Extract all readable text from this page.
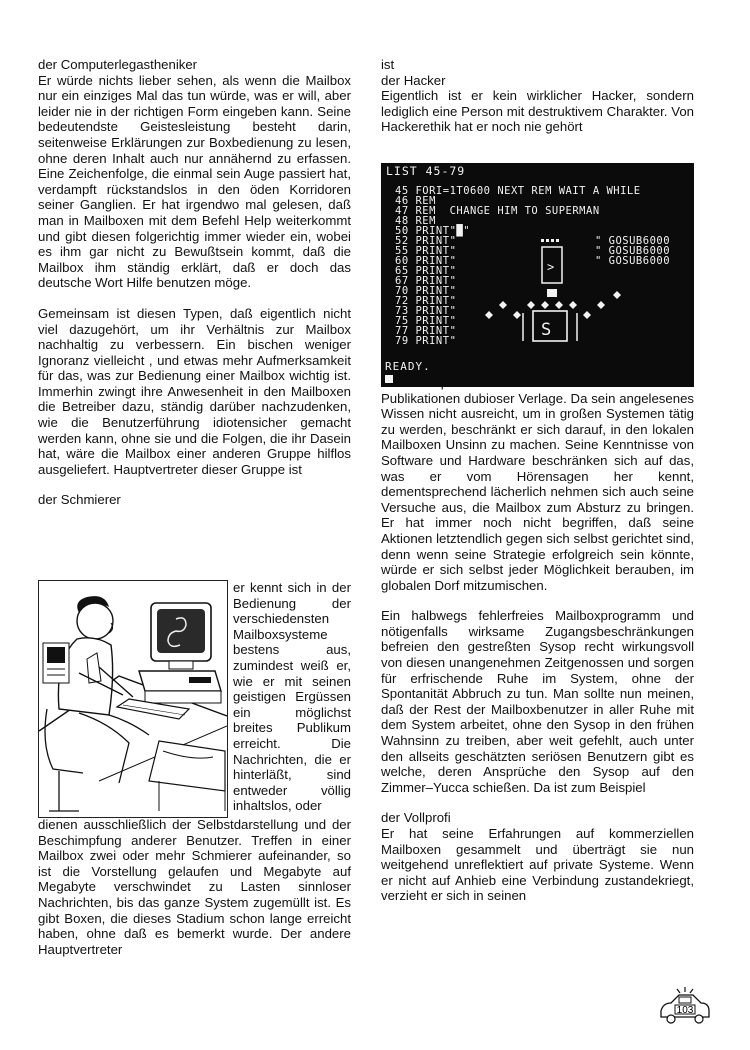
der Computerlegastheniker

Er würde nichts lieber sehen, als wenn die Mailbox nur ein einziges Mal das tun würde, was er will, aber leider nie in der richtigen Form eingeben kann. Seine bedeutendste Geistesleistung besteht darin, seitenweise Erklärungen zur Boxbedienung zu lesen, ohne deren Inhalt auch nur annähernd zu erfassen. Eine Zeichenfolge, die einmal sein Auge passiert hat, verdampft rückstandslos in den öden Korridoren seiner Ganglien. Er hat irgendwo mal gelesen, daß man in Mailboxen mit dem Befehl Help weiterkommt und gibt diesen folgerichtig immer wieder ein, wobei es ihm gar nicht zu Bewußtsein kommt, daß die Mailbox ihm ständig erklärt, daß er doch das deutsche Wort Hilfe benutzen möge.

Gemeinsam ist diesen Typen, daß eigentlich nicht viel dazugehört, um ihr Verhältnis zur Mailbox nachhaltig zu verbessern. Ein bischen weniger Ignoranz vielleicht , und etwas mehr Aufmerksamkeit für das, was zur Bedienung einer Mailbox wichtig ist. Immerhin zwingt ihre Anwesenheit in den Mailboxen die Betreiber dazu, ständig darüber nachzudenken, wie die Benutzerführung idiotensicher gemacht werden kann, ohne sie und die Folgen, die ihr Dasein hat, wäre die Mailbox einer anderen Gruppe hilflos ausgeliefert. Hauptvertreter dieser Gruppe ist

der Schmierer

er kennt sich in der Bedienung der verschiedensten Mailboxsysteme bestens aus, zumindest weiß er, wie er mit seinen geistigen Ergüssen ein möglichst breites Publikum erreicht. Die Nachrichten, die er hinterläßt, sind entweder völlig inhaltslos, oder
dienen ausschließlich der Selbstdarstellung und der Beschimpfung anderer Benutzer. Treffen in einer Mailbox zwei oder mehr Schmierer aufeinander, so ist die Vorstellung gelaufen und Megabyte auf Megabyte verschwindet zu Lasten sinnloser Nachrichten, bis das ganze System zugemüllt ist. Es gibt Boxen, die dieses Stadium schon lange erreicht haben, ohne daß es bemerkt wurde. Der andere Hauptvertreter

ist

der Hacker

Eigentlich ist er kein wirklicher Hacker, sondern lediglich eine Person mit destruktivem Charakter. Von Hackerethik hat er noch nie gehört

Publikationen dubioser Verlage. Da sein angelesenes Wissen nicht ausreicht, um in großen Systemen tätig zu werden, beschränkt er sich darauf, in den lokalen Mailboxen Unsinn zu machen. Seine Kenntnisse von Software und Hardware beschränken sich auf das, was er vom Hörensagen her kennt, dementsprechend lächerlich nehmen sich auch seine Versuche aus, die Mailbox zum Absturz zu bringen. Er hat immer noch nicht begriffen, daß seine Aktionen letztendlich gegen sich selbst gerichtet sind, denn wenn seine Strategie erfolgreich sein könnte, würde er sich selbst jeder Möglichkeit berauben, im globalen Dorf mitzumischen.

Ein halbwegs fehlerfreies Mailboxprogramm und nötigenfalls wirksame Zugangsbeschränkungen befreien den gestreßten Sysop recht wirkungsvoll von diesen unangenehmen Zeitgenossen und sorgen für erfrischende Ruhe im System, ohne der Spontanität Abbruch zu tun. Man sollte nun meinen, daß der Rest der Mailboxbenutzer in aller Ruhe mit dem System arbeitet, ohne den Sysop in den frühen Wahnsinn zu treiben, aber weit gefehlt, auch unter den allseits geschätzten seriösen Benutzern gibt es welche, deren Ansprüche den Sysop auf den Zimmer–Yucca schießen. Da ist zum Beispiel

der Vollprofi

Er hat seine Erfahrungen auf kommerziellen Mailboxen gesammelt und überträgt sie nun weitgehend unreflektiert auf private Systeme. Wenn er nicht auf Anhieb eine Verbindung zustandekriegt, verzieht er sich in seinen

LIST 45-79
45 FORI=1T0600 NEXT REM WAIT A WHILE
46 REM
47 REM  CHANGE HIM TO SUPERMAN
48 REM
50 PRINT"█"
52 PRINT"
55 PRINT"
60 PRINT"
65 PRINT"
67 PRINT"
70 PRINT"
72 PRINT"
73 PRINT"
75 PRINT"
77 PRINT"
79 PRINT"
" GOSUB6000
" GOSUB6000
" GOSUB6000
>
S
READY.
103
